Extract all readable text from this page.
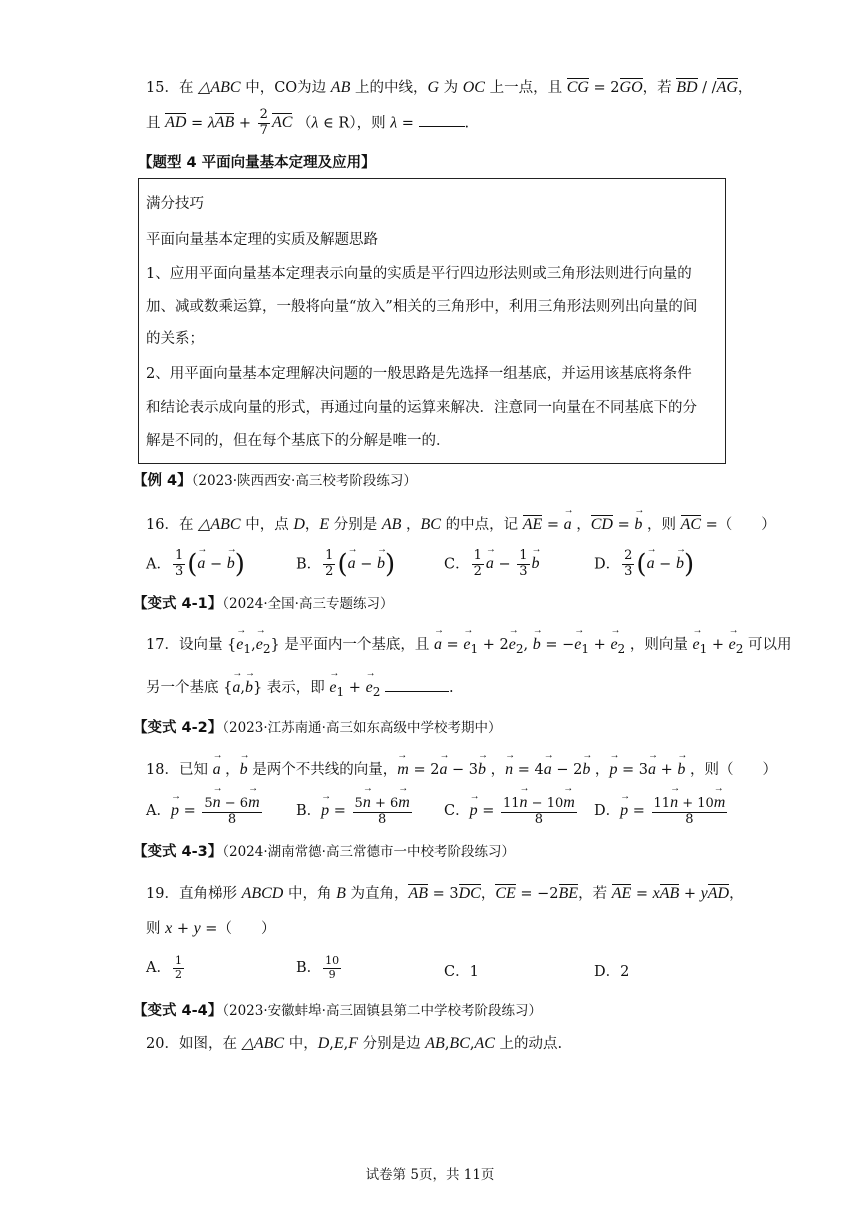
15．在 △ABC 中，CO为边 AB 上的中线，G 为 OC 上一点，且 CG = 2GO，若 BD / /AG，
且 AD = $\lambda AB + \frac{2}{7}$ AC （λ ∈ R），则 λ =	.
【题型 4 平面向量基本定理及应用】
满分技巧
平面向量基本定理的实质及解题思路
1、应用平面向量基本定理表示向量的实质是平行四边形法则或三角形法则进行向量的
加、减或数乘运算，一般将向量“放入”相关的三角形中，利用三角形法则列出向量的间
的关系；
2、用平面向量基本定理解决问题的一般思路是先选择一组基底，并运用该基底将条件
和结论表示成向量的形式，再通过向量的运算来解决．注意同一向量在不同基底下的分
解是不同的，但在每个基底下的分解是唯一的．
【例 4】（2023·陕西西安·高三校考阶段练习）
16．在 △ABC 中，点 D，E 分别是 AB ，BC 的中点，记 AE = → a ，CD = → b ，则 AC =（　　）
A． $\frac{1}{3}$ (→ a − → b)	B． $\frac{1}{2}$ (→ a − → b)	C． $\frac{1}{2}$
→ $a - \frac{1}{3}$
→ b	D． $\frac{2}{3}$ (→ a − → b)
【变式 4-1】（2024·全国·高三专题练习）
17．设向量 {→ $e_1,\to e_2$} 是平面内一个基底，且 → a = → $e_1 + 2\to e_2$, → b = −→ $e_1$ + → $e_2$ ，则向量 → $e_1$ + → $e_2$ 可以用
另一个基底 {→ a,→ b} 表示，即 → $e_1$ + → $e_2$	.
【变式 4-2】（2023·江苏南通·高三如东高级中学校考期中）
18．已知 → a ，→ b 是两个不共线的向量，→ m = 2→ a − 3→ b ，→ n = 4→ a − 2→ b ，→ p = 3→ a + → b ，则（　　）
A．→ $p = \frac{5\to n - 6\to m}{8}$ B．→ $p = \frac{5\to n + 6\to m}{8}$ C．→ $p = \frac{11\to n - 10\to m}{8}$ D．→ $p = \frac{11\to n + 10\to m}{8}$
【变式 4-3】（2024·湖南常德·高三常德市一中校考阶段练习）
19．直角梯形 ABCD 中，角 B 为直角，AB = 3DC，CE = −2BE，若 AE = xAB + yAD，
则 x + y =（　　）
A． $\frac{1}{2}$	B． $\frac{10}{9}$	C．1	D．2
【变式 4-4】（2023·安徽蚌埠·高三固镇县第二中学校考阶段练习）
20．如图，在 △ABC 中，D,E,F 分别是边 AB,BC,AC 上的动点.
试卷第 5页，共 11页
